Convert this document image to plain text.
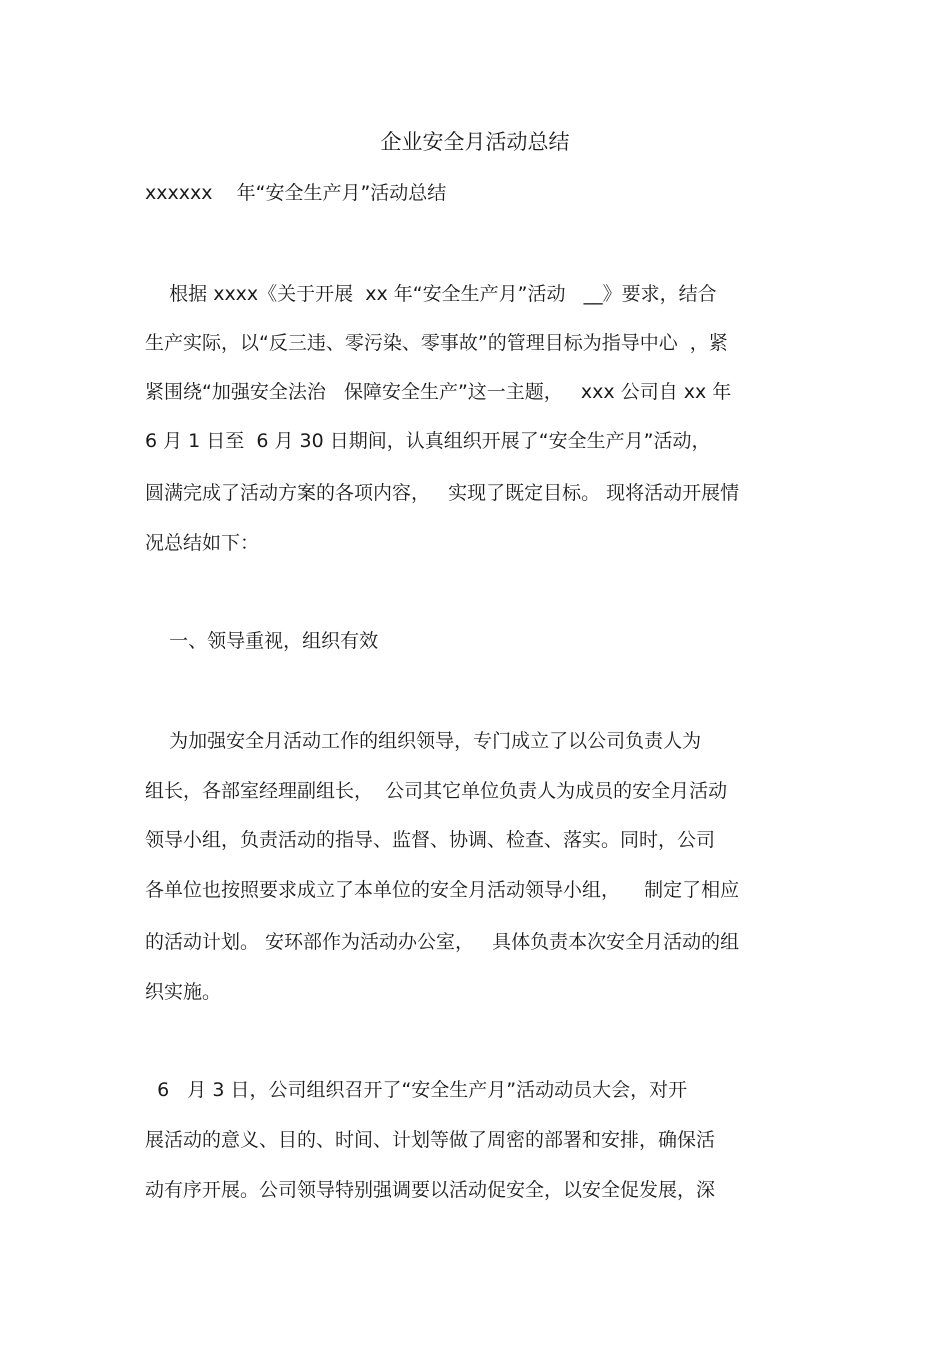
企业安全月活动总结
xxxxxx    年“安全生产月”活动总结
根据 xxxx《关于开展  xx 年“安全生产月”活动   __》要求，结合
生产实际，以“反三违、零污染、零事故”的管理目标为指导中心  ，紧
紧围绕“加强安全法治   保障安全生产”这一主题，   xxx 公司自 xx 年
6 月 1 日至  6 月 30 日期间，认真组织开展了“安全生产月”活动，
圆满完成了活动方案的各项内容，   实现了既定目标。 现将活动开展情
况总结如下：
一、领导重视，组织有效
为加强安全月活动工作的组织领导，专门成立了以公司负责人为
组长，各部室经理副组长，  公司其它单位负责人为成员的安全月活动
领导小组，负责活动的指导、监督、协调、检查、落实。同时，公司
各单位也按照要求成立了本单位的安全月活动领导小组，    制定了相应
的活动计划。 安环部作为活动办公室，   具体负责本次安全月活动的组
织实施。
6   月 3 日，公司组织召开了“安全生产月”活动动员大会，对开
展活动的意义、目的、时间、计划等做了周密的部署和安排，确保活
动有序开展。公司领导特别强调要以活动促安全，以安全促发展，深
